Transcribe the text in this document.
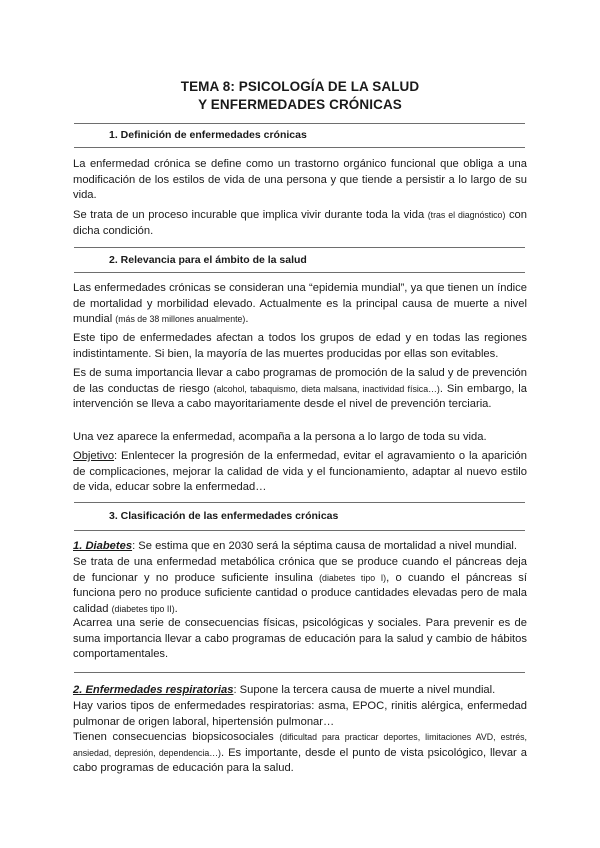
TEMA 8: PSICOLOGÍA DE LA SALUD
Y ENFERMEDADES CRÓNICAS
1. Definición de enfermedades crónicas

La enfermedad crónica se define como un trastorno orgánico funcional que obliga a una modificación de los estilos de vida de una persona y que tiende a persistir a lo largo de su vida.

Se trata de un proceso incurable que implica vivir durante toda la vida (tras el diagnóstico) con dicha condición.

2. Relevancia para el ámbito de la salud

Las enfermedades crónicas se consideran una “epidemia mundial”, ya que tienen un índice de mortalidad y morbilidad elevado. Actualmente es la principal causa de muerte a nivel mundial (más de 38 millones anualmente).

Este tipo de enfermedades afectan a todos los grupos de edad y en todas las regiones indistintamente. Si bien, la mayoría de las muertes producidas por ellas son evitables.

Es de suma importancia llevar a cabo programas de promoción de la salud y de prevención de las conductas de riesgo (alcohol, tabaquismo, dieta malsana, inactividad física…). Sin embargo, la intervención se lleva a cabo mayoritariamente desde el nivel de prevención terciaria.

Una vez aparece la enfermedad, acompaña a la persona a lo largo de toda su vida.

Objetivo: Enlentecer la progresión de la enfermedad, evitar el agravamiento o la aparición de complicaciones, mejorar la calidad de vida y el funcionamiento, adaptar al nuevo estilo de vida, educar sobre la enfermedad…

3. Clasificación de las enfermedades crónicas

1. Diabetes: Se estima que en 2030 será la séptima causa de mortalidad a nivel mundial.

Se trata de una enfermedad metabólica crónica que se produce cuando el páncreas deja de funcionar y no produce suficiente insulina (diabetes tipo I), o cuando el páncreas sí funciona pero no produce suficiente cantidad o produce cantidades elevadas pero de mala calidad (diabetes tipo II).

Acarrea una serie de consecuencias físicas, psicológicas y sociales. Para prevenir es de suma importancia llevar a cabo programas de educación para la salud y cambio de hábitos comportamentales.

2. Enfermedades respiratorias: Supone la tercera causa de muerte a nivel mundial.

Hay varios tipos de enfermedades respiratorias: asma, EPOC, rinitis alérgica, enfermedad pulmonar de origen laboral, hipertensión pulmonar…

Tienen consecuencias biopsicosociales (dificultad para practicar deportes, limitaciones AVD, estrés, ansiedad, depresión, dependencia…). Es importante, desde el punto de vista psicológico, llevar a cabo programas de educación para la salud.
